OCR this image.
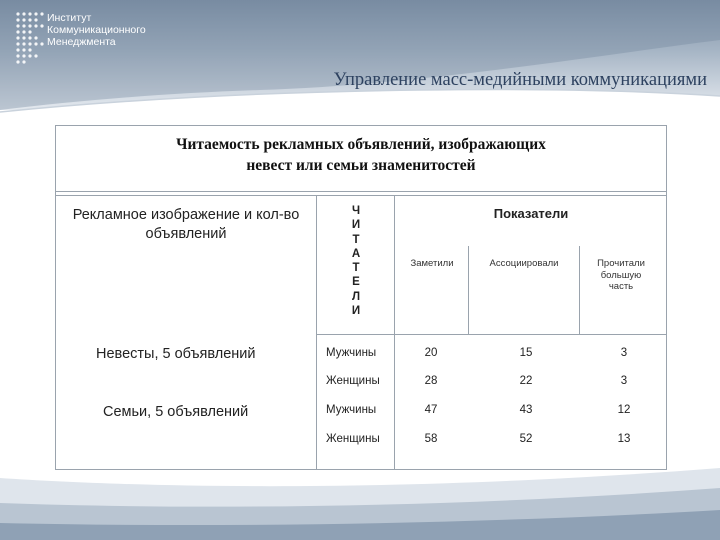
Институт
Коммуникационного
Менеджмента
Управление масс-медийными коммуникациями
Читаемость рекламных объявлений, изображающих
невест или семьи знаменитостей
Рекламное изображение и кол-во объявлений
Ч
И
Т
А
Т
Е
Л
И
Показатели
Заметили	Ассоциировали	Прочитали большую часть
Невесты, 5 объявлений	Мужчины	20	15	3
Женщины	28	22	3
Семьи, 5 объявлений	Мужчины	47	43	12
Женщины	58	52	13
